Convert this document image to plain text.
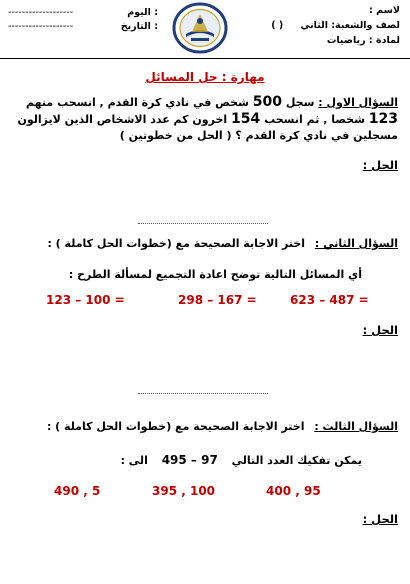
لاسم :
لصف والشعبة: الثاني ( )
لمادة : رياضيات
-------------------	اليوم :
-------------------	التاريخ :
مهارة : حل المسائل
السؤال الاول : سجل 500 شخص في نادي كرة القدم , انسحب منهم
123 شخصا , ثم انسحب 154 اخرون كم عدد الاشخاص الذين لايزالون
مسجلين في نادي كرة القدم ؟ ( الحل من خطوتين )
الحل :
السؤال الثاني : اختر الاجابة الصحيحة مع (خطوات الحل كاملة ) :
أي المسائل التالية توضح اعادة التجميع لمسألة الطرح :
623 – 487 =
298 – 167 =
123 – 100 =
الحل :
السؤال الثالث : اختر الاجابة الصحيحة مع (خطوات الحل كاملة ) :
يمكن تفكيك العدد التالي 495 – 97 الى :
400 , 95
395 , 100
490 , 5
الحل :
